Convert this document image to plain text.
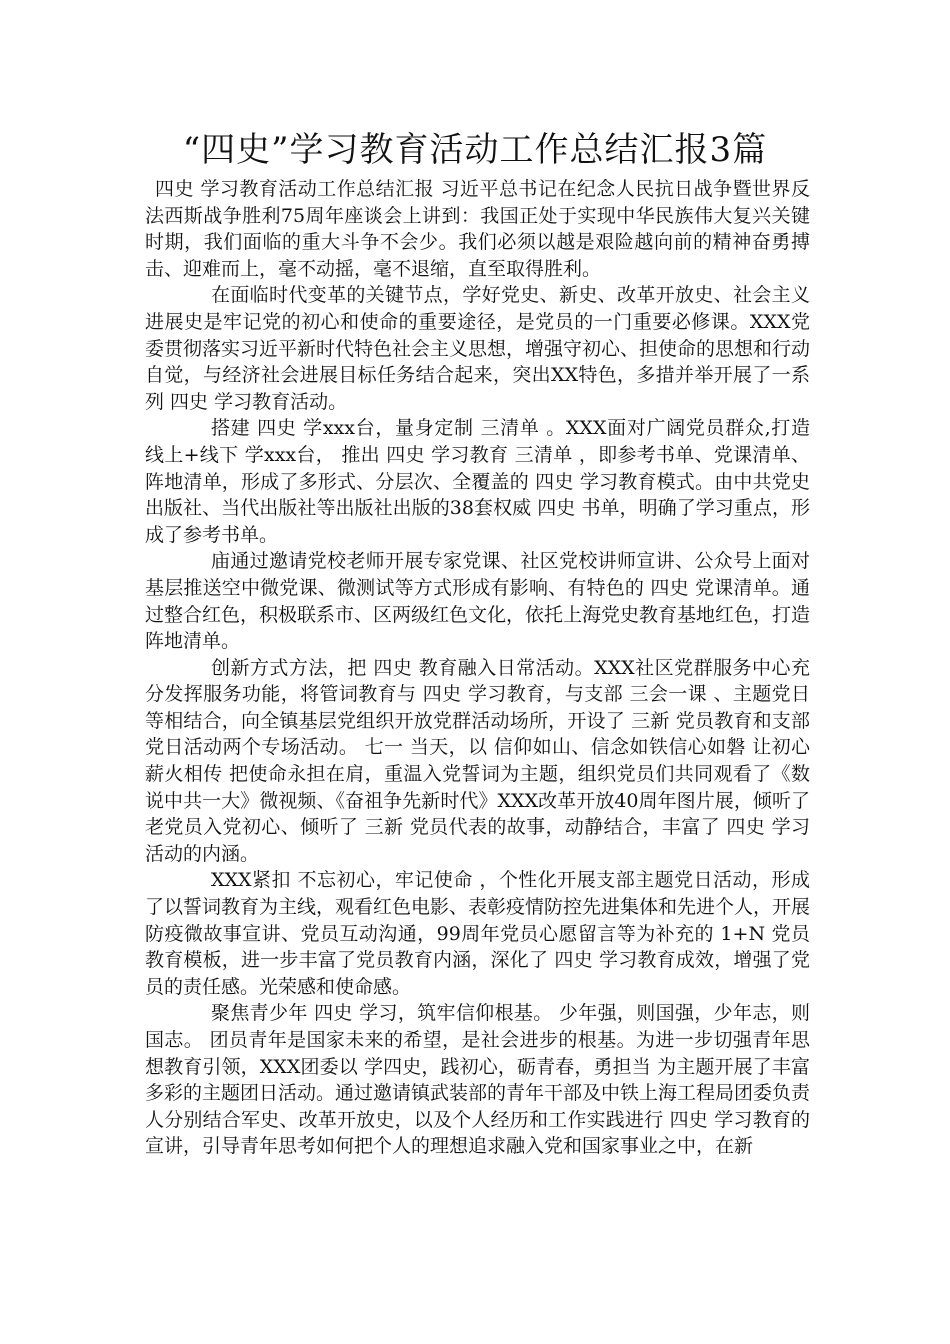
“四史”学习教育活动工作总结汇报3篇

四史 学习教育活动工作总结汇报 习近平总书记在纪念人民抗日战争暨世界反法西斯战争胜利75周年座谈会上讲到：我国正处于实现中华民族伟大复兴关键时期，我们面临的重大斗争不会少。我们必须以越是艰险越向前的精神奋勇搏击、迎难而上，毫不动摇，毫不退缩，直至取得胜利。

在面临时代变革的关键节点，学好党史、新史、改革开放史、社会主义进展史是牢记党的初心和使命的重要途径，是党员的一门重要必修课。XXX党委贯彻落实习近平新时代特色社会主义思想，增强守初心、担使命的思想和行动自觉，与经济社会进展目标任务结合起来，突出XX特色，多措并举开展了一系列 四史 学习教育活动。

搭建 四史 学xxx台，量身定制 三清单 。XXX面对广阔党员群众,打造 线上+线下 学xxx台， 推出 四史 学习教育 三清单 ，即参考书单、党课清单、阵地清单，形成了多形式、分层次、全覆盖的 四史 学习教育模式。由中共党史出版社、当代出版社等出版社出版的38套权威 四史 书单，明确了学习重点，形成了参考书单。

庙通过邀请党校老师开展专家党课、社区党校讲师宣讲、公众号上面对基层推送空中微党课、微测试等方式形成有影响、有特色的 四史 党课清单。通过整合红色，积极联系市、区两级红色文化，依托上海党史教育基地红色，打造阵地清单。

创新方式方法，把 四史 教育融入日常活动。XXX社区党群服务中心充分发挥服务功能，将管词教育与 四史 学习教育，与支部 三会一课 、主题党日等相结合，向全镇基层党组织开放党群活动场所，开设了 三新 党员教育和支部党日活动两个专场活动。 七一 当天，以 信仰如山、信念如铁信心如磐 让初心薪火相传 把使命永担在肩，重温入党誓词为主题，组织党员们共同观看了《数说中共一大》微视频、《奋祖争先新时代》XXX改革开放40周年图片展，倾听了老党员入党初心、倾听了 三新 党员代表的故事，动静结合，丰富了 四史 学习活动的内涵。

XXX紧扣 不忘初心，牢记使命 ，个性化开展支部主题党日活动，形成了以誓词教育为主线，观看红色电影、表彰疫情防控先进集体和先进个人，开展防疫微故事宣讲、党员互动沟通，99周年党员心愿留言等为补充的 1+N 党员教育模板，进一步丰富了党员教育内涵，深化了 四史 学习教育成效，增强了党员的责任感。光荣感和使命感。

聚焦青少年 四史 学习，筑牢信仰根基。 少年强，则国强，少年志，则国志。 团员青年是国家未来的希望，是社会进步的根基。为进一步切强青年思想教育引领，XXX团委以 学四史，践初心，砺青春，勇担当 为主题开展了丰富多彩的主题团日活动。通过邀请镇武装部的青年干部及中铁上海工程局团委负责人分别结合军史、改革开放史，以及个人经历和工作实践进行 四史 学习教育的宣讲，引导青年思考如何把个人的理想追求融入党和国家事业之中，在新
